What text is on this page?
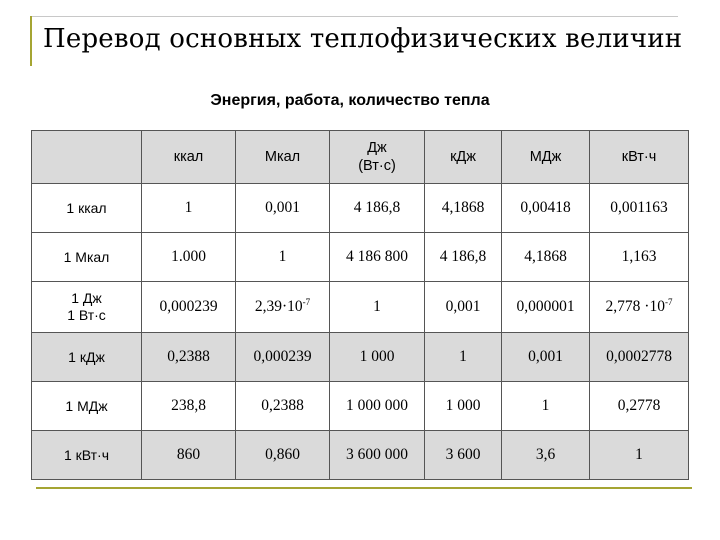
Перевод основных теплофизических величин
Энергия, работа, количество тепла

	ккал	Мкал	Дж
(Вт·с)	кДж	МДж	кВт·ч

1 ккал	1	0,001	4 186,8	4,1868	0,00418	0,001163

1 Мкал	1.000	1	4 186 800	4 186,8	4,1868	1,163

1 Дж
1 Вт·с	0,000239	$2,39\cdot 10^{-7}$	1	0,001	0,000001	$2,778 \cdot 10^{-7}$

1 кДж	0,2388	0,000239	1 000	1	0,001	0,0002778

1 МДж	238,8	0,2388	1 000 000	1 000	1	0,2778

1 кВт·ч	860	0,860	3 600 000	3 600	3,6	1
